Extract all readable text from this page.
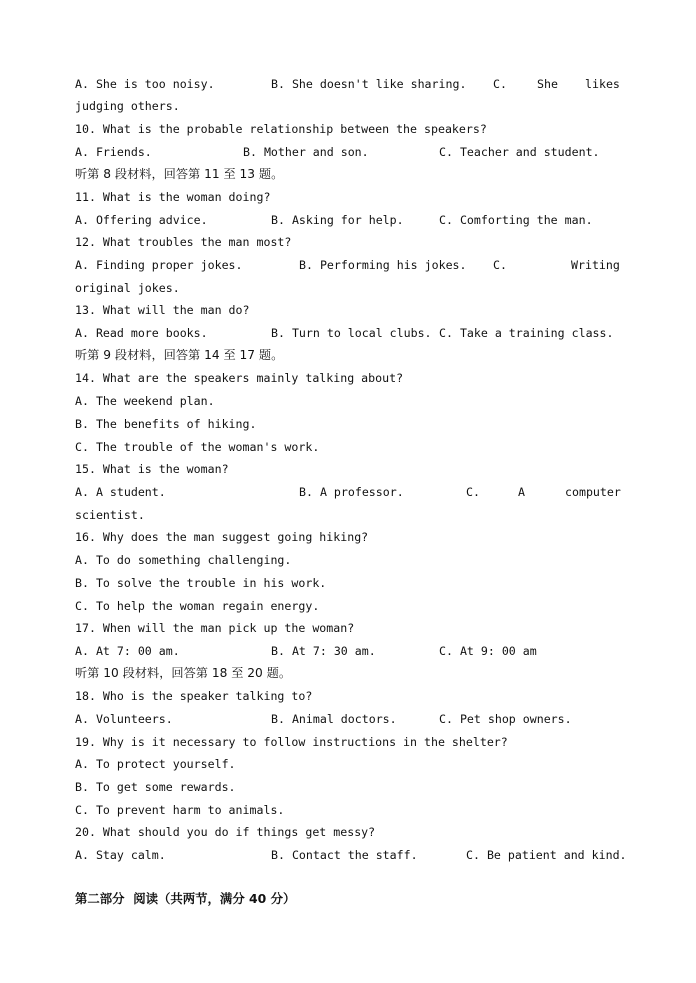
A. She is too noisy.

	B. She doesn't like sharing.

C.

	She

likes

judging others.
10. What is the probable relationship between the speakers?

A. Friends.

	B. Mother and son.

	C. Teacher and student.

听第 8 段材料，回答第 11 至 13 题。
11. What is the woman doing?

A. Offering advice.

	B. Asking for help.

	C. Comforting the man.

12. What troubles the man most?

A. Finding proper jokes.

	B. Performing his jokes.

C.

	Writing

original jokes.
13. What will the man do?

A. Read more books.

	B. Turn to local clubs.

C. Take a training class.

听第 9 段材料，回答第 14 至 17 题。
14. What are the speakers mainly talking about?
A. The weekend plan.
B. The benefits of hiking.
C. The trouble of the woman's work.
15. What is the woman?

A. A student.

	B. A professor.

	C.

	A

	computer

scientist.
16. Why does the man suggest going hiking?
A. To do something challenging.
B. To solve the trouble in his work.
C. To help the woman regain energy.
17. When will the man pick up the woman?

A. At 7: 00 am.

	B. At 7: 30 am.

	C. At 9: 00 am

听第 10 段材料，回答第 18 至 20 题。
18. Who is the speaker talking to?

A. Volunteers.

	B. Animal doctors.

	C. Pet shop owners.

19. Why is it necessary to follow instructions in the shelter?
A. To protect yourself.
B. To get some rewards.
C. To prevent harm to animals.
20. What should you do if things get messy?

A. Stay calm.

	B. Contact the staff.

	C. Be patient and kind.

第二部分  阅读（共两节，满分 40 分）
